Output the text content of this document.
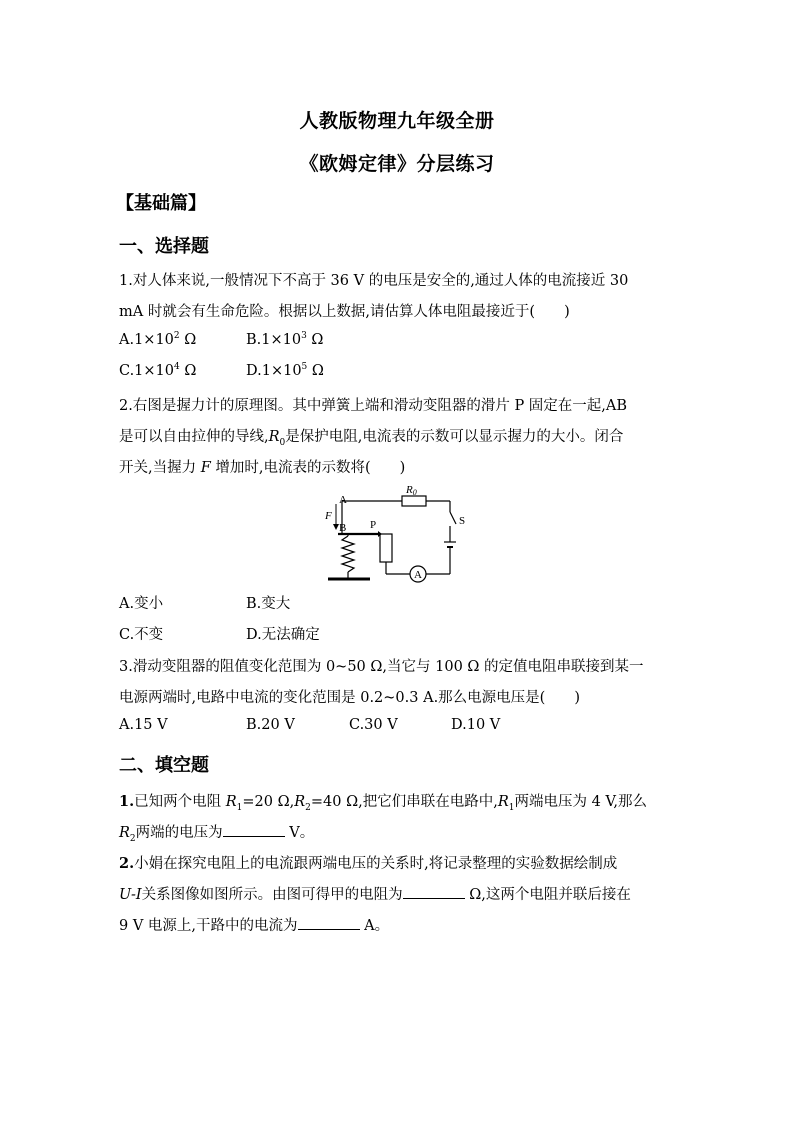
人教版物理九年级全册
《欧姆定律》分层练习
【基础篇】
一、选择题
1.对人体来说,一般情况下不高于 36 V 的电压是安全的,通过人体的电流接近 30
mA 时就会有生命危险。根据以上数据,请估算人体电阻最接近于(　　)
$A.1\times 10^2$ Ω	$B.1\times 10^3$ Ω
$C.1\times 10^4$ Ω	$D.1\times 10^5$ Ω
2.右图是握力计的原理图。其中弹簧上端和滑动变阻器的滑片 P 固定在一起,AB
是可以自由拉伸的导线$,R_0$是保护电阻,电流表的示数可以显示握力的大小。闭合
开关,当握力 F 增加时,电流表的示数将(　　)
A
B P
F
R0
S
A
A.变小	B.变大
C.不变	D.无法确定
3.滑动变阻器的阻值变化范围为 0~50 Ω,当它与 100 Ω 的定值电阻串联接到某一
电源两端时,电路中电流的变化范围是 0.2~0.3 A.那么电源电压是(　　)
A.15 V	B.20 V	C.30 V	D.10 V
二、填空题
1.已知两个电阻 $R_1=20$ $\Omega,R_2=40$ Ω,把它们串联在电路中$,R_1$两端电压为 4 V,那么
$R_2$两端的电压为	V。
2.小娟在探究电阻上的电流跟两端电压的关系时,将记录整理的实验数据绘制成
U-I关系图像如图所示。由图可得甲的电阻为	Ω,这两个电阻并联后接在
9 V 电源上,干路中的电流为	A。
